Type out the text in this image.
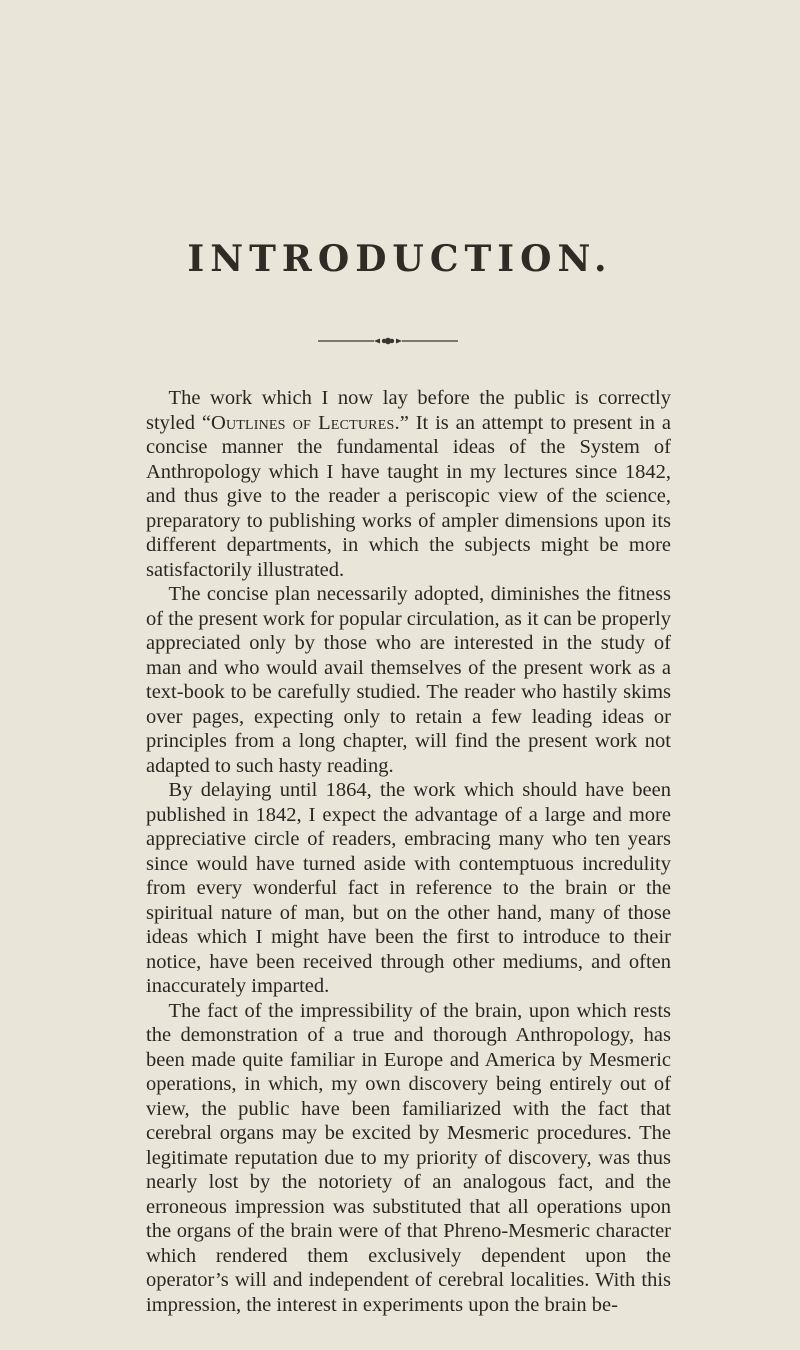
INTRODUCTION.

The work which I now lay before the public is correctly styled “Outlines of Lectures.” It is an attempt to present in a concise manner the fundamental ideas of the System of Anthropology which I have taught in my lectures since 1842, and thus give to the reader a periscopic view of the science, preparatory to publishing works of ampler dimensions upon its different departments, in which the subjects might be more satisfactorily illustrated.

The concise plan necessarily adopted, diminishes the fitness of the present work for popular circulation, as it can be properly appreciated only by those who are interested in the study of man and who would avail themselves of the present work as a text-book to be carefully studied. The reader who hastily skims over pages, expecting only to retain a few leading ideas or principles from a long chapter, will find the present work not adapted to such hasty reading.

By delaying until 1864, the work which should have been published in 1842, I expect the advantage of a large and more appreciative circle of readers, embracing many who ten years since would have turned aside with contemptuous incredulity from every wonderful fact in reference to the brain or the spiritual nature of man, but on the other hand, many of those ideas which I might have been the first to introduce to their notice, have been received through other mediums, and often inaccurately imparted.

The fact of the impressibility of the brain, upon which rests the demonstration of a true and thorough Anthropology, has been made quite familiar in Europe and America by Mesmeric operations, in which, my own discovery being entirely out of view, the public have been familiarized with the fact that cerebral organs may be excited by Mesmeric procedures. The legitimate reputation due to my priority of discovery, was thus nearly lost by the notoriety of an analogous fact, and the erroneous impression was substituted that all operations upon the organs of the brain were of that Phreno-Mesmeric character which rendered them exclusively dependent upon the operator’s will and independent of cerebral localities. With this impression, the interest in experiments upon the brain be-
